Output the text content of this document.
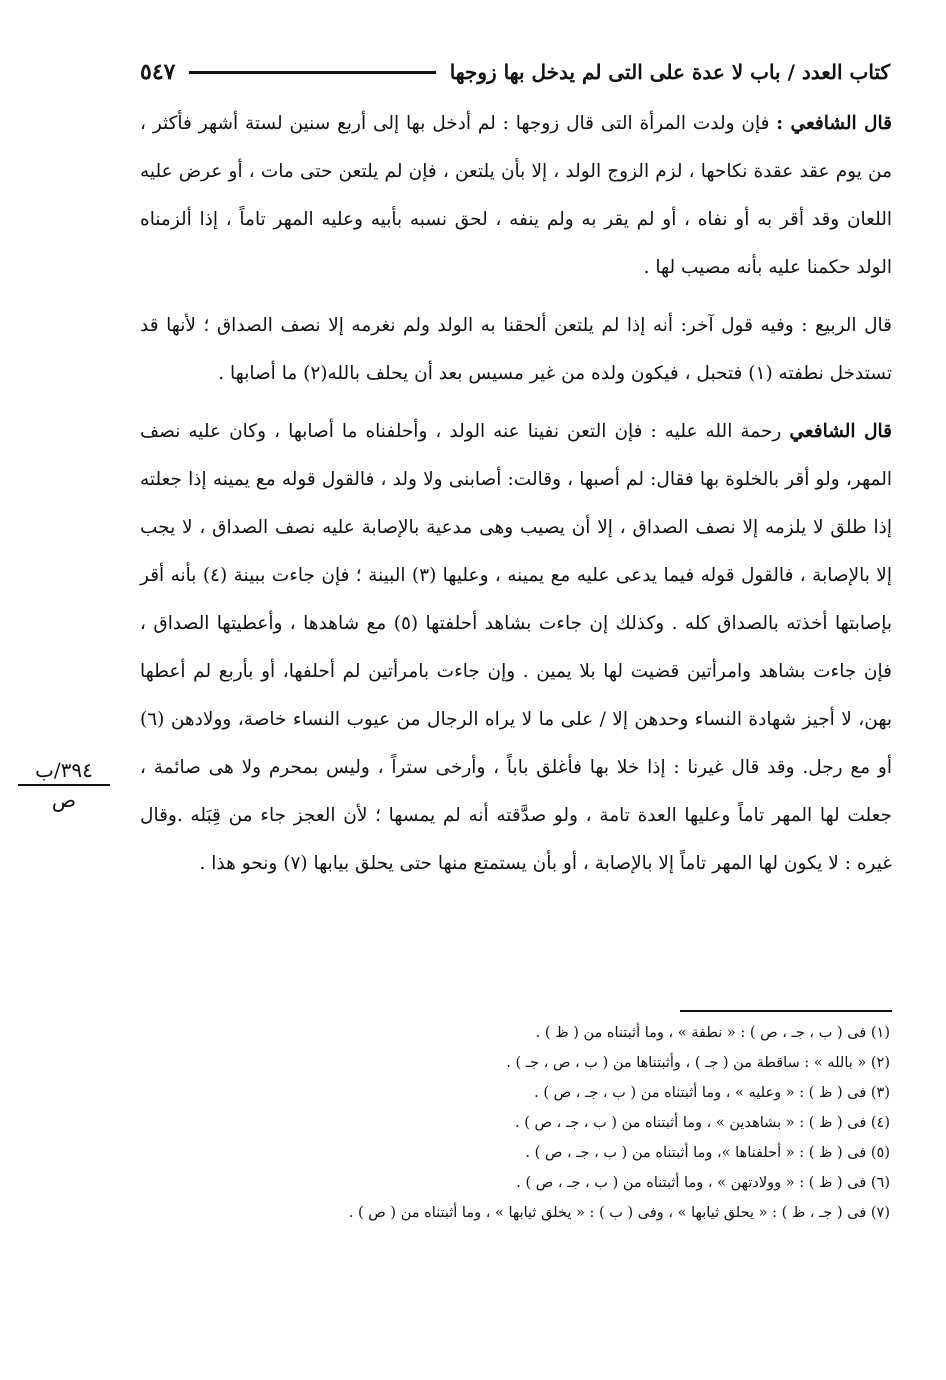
كتاب العدد / باب لا عدة على التى لم يدخل بها زوجها
٥٤٧

قال الشافعي : فإن ولدت المرأة التى قال زوجها : لم أدخل بها إلى أربع سنين لستة أشهر فأكثر ، من يوم عقد عقدة نكاحها ، لزم الزوج الولد ، إلا بأن يلتعن ، فإن لم يلتعن حتى مات ، أو عرض عليه اللعان وقد أقر به أو نفاه ، أو لم يقر به ولم ينفه ، لحق نسبه بأبيه وعليه المهر تاماً ، إذا ألزمناه الولد حكمنا عليه بأنه مصيب لها .

قال الربيع : وفيه قول آخر: أنه إذا لم يلتعن ألحقنا به الولد ولم نغرمه إلا نصف الصداق ؛ لأنها قد تستدخل نطفته (١) فتحبل ، فيكون ولده من غير مسيس بعد أن يحلف بالله(٢) ما أصابها .

قال الشافعي رحمة الله عليه : فإن التعن نفينا عنه الولد ، وأحلفناه ما أصابها ، وكان عليه نصف المهر، ولو أقر بالخلوة بها فقال: لم أصبها ، وقالت: أصابنى ولا ولد ، فالقول قوله مع يمينه إذا جعلته إذا طلق لا يلزمه إلا نصف الصداق ، إلا أن يصيب وهى مدعية بالإصابة عليه نصف الصداق ، لا يجب إلا بالإصابة ، فالقول قوله فيما يدعى عليه مع يمينه ، وعليها (٣) البينة ؛ فإن جاءت ببينة (٤) بأنه أقر بإصابتها أخذته بالصداق كله . وكذلك إن جاءت بشاهد أحلفتها (٥) مع شاهدها ، وأعطيتها الصداق ، فإن جاءت بشاهد وامرأتين قضيت لها بلا يمين . وإن جاءت بامرأتين لم أحلفها، أو بأربع لم أعطها بهن، لا أجيز شهادة النساء وحدهن إلا / على ما لا يراه الرجال من عيوب النساء خاصة، وولادهن (٦) أو مع رجل. وقد قال غيرنا : إذا خلا بها فأغلق باباً ، وأرخى ستراً ، وليس بمحرم ولا هى صائمة ، جعلت لها المهر تاماً وعليها العدة تامة ، ولو صدَّقته أنه لم يمسها ؛ لأن العجز جاء من قِبَله .وقال غيره : لا يكون لها المهر تاماً إلا بالإصابة ، أو بأن يستمتع منها حتى يحلق بيابها (٧) ونحو هذا .

٣٩٤/ب
ص
(١) فى ( ب ، جـ ، ص ) : « نطفة » ، وما أثبتناه من ( ظ ) .
(٢) « بالله » : ساقطة من ( جـ ) ، وأثبتناها من ( ب ، ص ، جـ ) .
(٣) فى ( ظ ) : « وعليه » ، وما أثبتناه من ( ب ، جـ ، ص ) .
(٤) فى ( ظ ) : « بشاهدين » ، وما أثبتناه من ( ب ، جـ ، ص ) .
(٥) فى ( ظ ) : « أحلفناها »، وما أثبتناه من ( ب ، جـ ، ص ) .
(٦) فى ( ظ ) : « وولادتهن » ، وما أثبتناه من ( ب ، جـ ، ص ) .
(٧) فى ( جـ ، ظ ) : « يحلق ثيابها » ، وفى ( ب ) : « يخلق ثيابها » ، وما أثبتناه من ( ص ) .
